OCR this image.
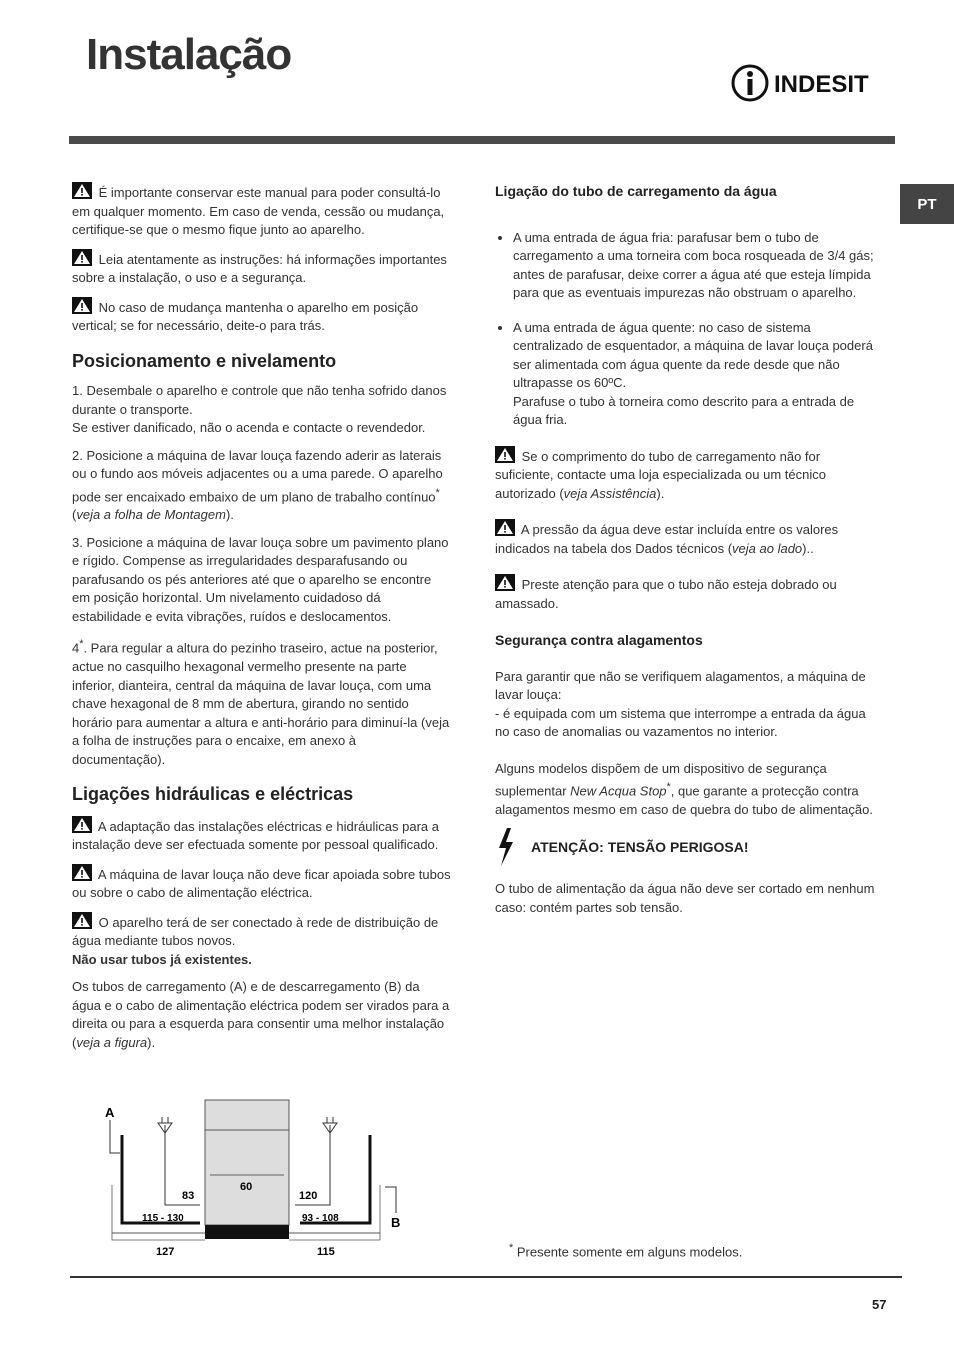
Instalação
INDESIT
PT

É importante conservar este manual para poder consultá-lo em qualquer momento. Em caso de venda, cessão ou mudança, certifique-se que o mesmo fique junto ao aparelho.

Leia atentamente as instruções: há informações importantes sobre a instalação, o uso e a segurança.

No caso de mudança mantenha o aparelho em posição vertical; se for necessário, deite-o para trás.

Posicionamento e nivelamento

1. Desembale o aparelho e controle que não tenha sofrido danos durante o transporte.
Se estiver danificado, não o acenda e contacte o revendedor.

2. Posicione a máquina de lavar louça fazendo aderir as laterais ou o fundo aos móveis adjacentes ou a uma parede. O aparelho pode ser encaixado embaixo de um plano de trabalho contínuo* (veja a folha de Montagem).

3. Posicione a máquina de lavar louça sobre um pavimento plano e rígido. Compense as irregularidades desparafusando ou parafusando os pés anteriores até que o aparelho se encontre em posição horizontal. Um nivelamento cuidadoso dá estabilidade e evita vibrações, ruídos e deslocamentos.

4*. Para regular a altura do pezinho traseiro, actue na posterior, actue no casquilho hexagonal vermelho presente na parte inferior, dianteira, central da máquina de lavar louça, com uma chave hexagonal de 8 mm de abertura, girando no sentido horário para aumentar a altura e anti-horário para diminuí-la (veja a folha de instruções para o encaixe, em anexo à documentação).

Ligações hidráulicas e eléctricas

A adaptação das instalações eléctricas e hidráulicas para a instalação deve ser efectuada somente por pessoal qualificado.

A máquina de lavar louça não deve ficar apoiada sobre tubos ou sobre o cabo de alimentação eléctrica.

O aparelho terá de ser conectado à rede de distribuição de água mediante tubos novos.
Não usar tubos já existentes.

Os tubos de carregamento (A) e de descarregamento (B) da água e o cabo de alimentação eléctrica podem ser virados para a direita ou para a esquerda para consentir uma melhor instalação (veja a figura).

A
B
60
83	120
115 - 130	93 - 108
127	115
Ligação do tubo de carregamento da água
• A uma entrada de água fria: parafusar bem o tubo de carregamento a uma torneira com boca rosqueada de 3/4 gás; antes de parafusar, deixe correr a água até que esteja límpida para que as eventuais impurezas não obstruam o aparelho.
• A uma entrada de água quente: no caso de sistema centralizado de esquentador, a máquina de lavar louça poderá ser alimentada com água quente da rede desde que não ultrapasse os 60ºC.
Parafuse o tubo à torneira como descrito para a entrada de água fria.

Se o comprimento do tubo de carregamento não for suficiente, contacte uma loja especializada ou um técnico autorizado (veja Assistência).

A pressão da água deve estar incluída entre os valores indicados na tabela dos Dados técnicos (veja ao lado)..

Preste atenção para que o tubo não esteja dobrado ou amassado.

Segurança contra alagamentos

Para garantir que não se verifiquem alagamentos, a máquina de lavar louça:
- é equipada com um sistema que interrompe a entrada da água no caso de anomalias ou vazamentos no interior.

Alguns modelos dispõem de um dispositivo de segurança suplementar New Acqua Stop*, que garante a protecção contra alagamentos mesmo em caso de quebra do tubo de alimentação.

ATENÇÃO: TENSÃO PERIGOSA!

O tubo de alimentação da água não deve ser cortado em nenhum caso: contém partes sob tensão.

* Presente somente em alguns modelos.
57
